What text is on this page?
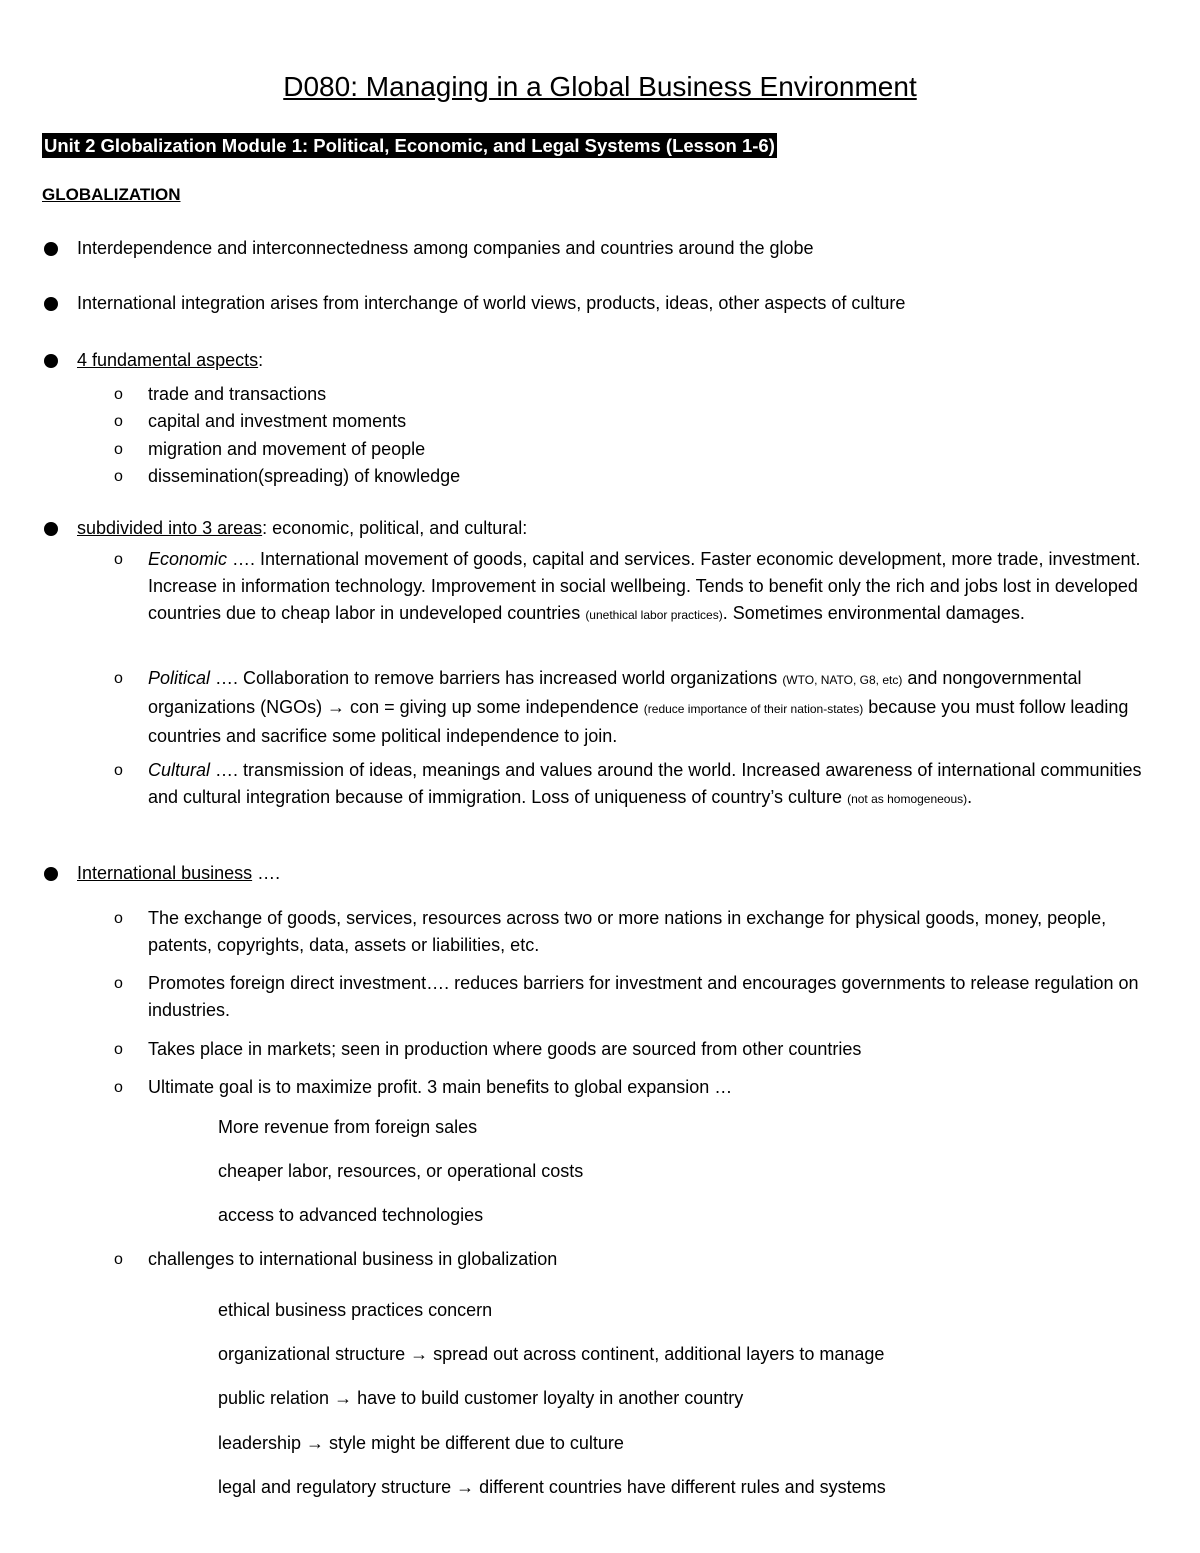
D080: Managing in a Global Business Environment
Unit 2 Globalization Module 1: Political, Economic, and Legal Systems (Lesson 1-6)
GLOBALIZATION
Interdependence and interconnectedness among companies and countries around the globe
International integration arises from interchange of world views, products, ideas, other aspects of culture
4 fundamental aspects:
o trade and transactions
o capital and investment moments
o migration and movement of people
o dissemination(spreading) of knowledge
subdivided into 3 areas: economic, political, and cultural:
o Economic …. International movement of goods, capital and services. Faster economic development, more trade, investment. Increase in information technology. Improvement in social wellbeing. Tends to benefit only the rich and jobs lost in developed countries due to cheap labor in undeveloped countries (unethical labor practices). Sometimes environmental damages.
o Political …. Collaboration to remove barriers has increased world organizations (WTO, NATO, G8, etc) and nongovernmental organizations (NGOs) → con = giving up some independence (reduce importance of their nation-states) because you must follow leading countries and sacrifice some political independence to join.
o Cultural …. transmission of ideas, meanings and values around the world. Increased awareness of international communities and cultural integration because of immigration. Loss of uniqueness of country’s culture (not as homogeneous).
International business ….
o The exchange of goods, services, resources across two or more nations in exchange for physical goods, money, people, patents, copyrights, data, assets or liabilities, etc.
o Promotes foreign direct investment…. reduces barriers for investment and encourages governments to release regulation on industries.
o Takes place in markets; seen in production where goods are sourced from other countries
o Ultimate goal is to maximize profit. 3 main benefits to global expansion …
More revenue from foreign sales
cheaper labor, resources, or operational costs
access to advanced technologies
o challenges to international business in globalization
ethical business practices concern
organizational structure → spread out across continent, additional layers to manage
public relation → have to build customer loyalty in another country
leadership → style might be different due to culture
legal and regulatory structure → different countries have different rules and systems
